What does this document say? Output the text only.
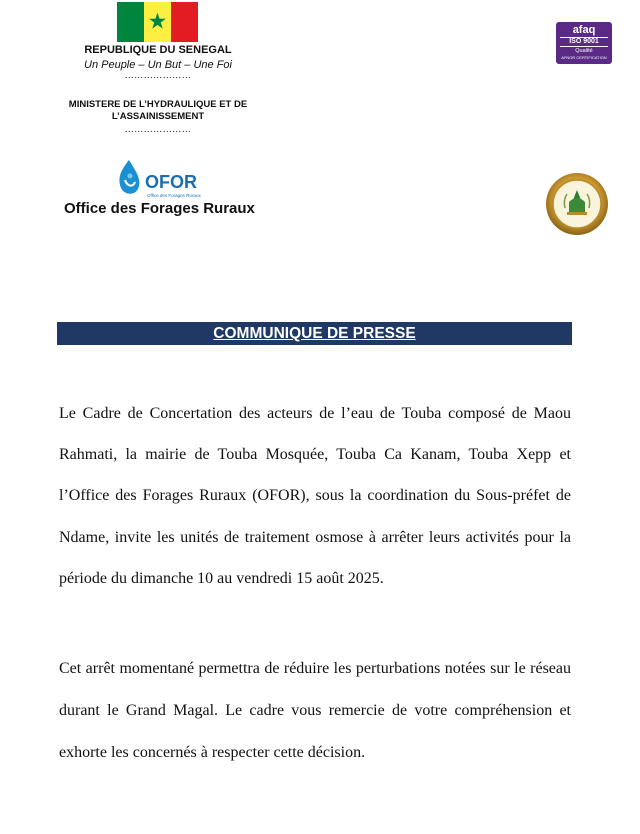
★
REPUBLIQUE DU SENEGAL
Un Peuple – Un But – Une Foi
…………………
MINISTERE DE L’HYDRAULIQUE ET DE
L’ASSAINISSEMENT
…………………
OFOR
Office des Forages Ruraux
Office des Forages Ruraux
afaq
ISO 9001
Qualité
AFNOR CERTIFICATION
COMMUNIQUE DE PRESSE
Le Cadre de Concertation des acteurs de l’eau de Touba composé de Maou Rahmati, la mairie de Touba Mosquée, Touba Ca Kanam, Touba Xepp et l’Office des Forages Ruraux (OFOR), sous la coordination du Sous-préfet de Ndame, invite les unités de traitement osmose à arrêter leurs activités pour la période du dimanche 10 au vendredi 15 août 2025.
Cet arrêt momentané permettra de réduire les perturbations notées sur le réseau durant le Grand Magal. Le cadre vous remercie de votre compréhension et exhorte les concernés à respecter cette décision.
